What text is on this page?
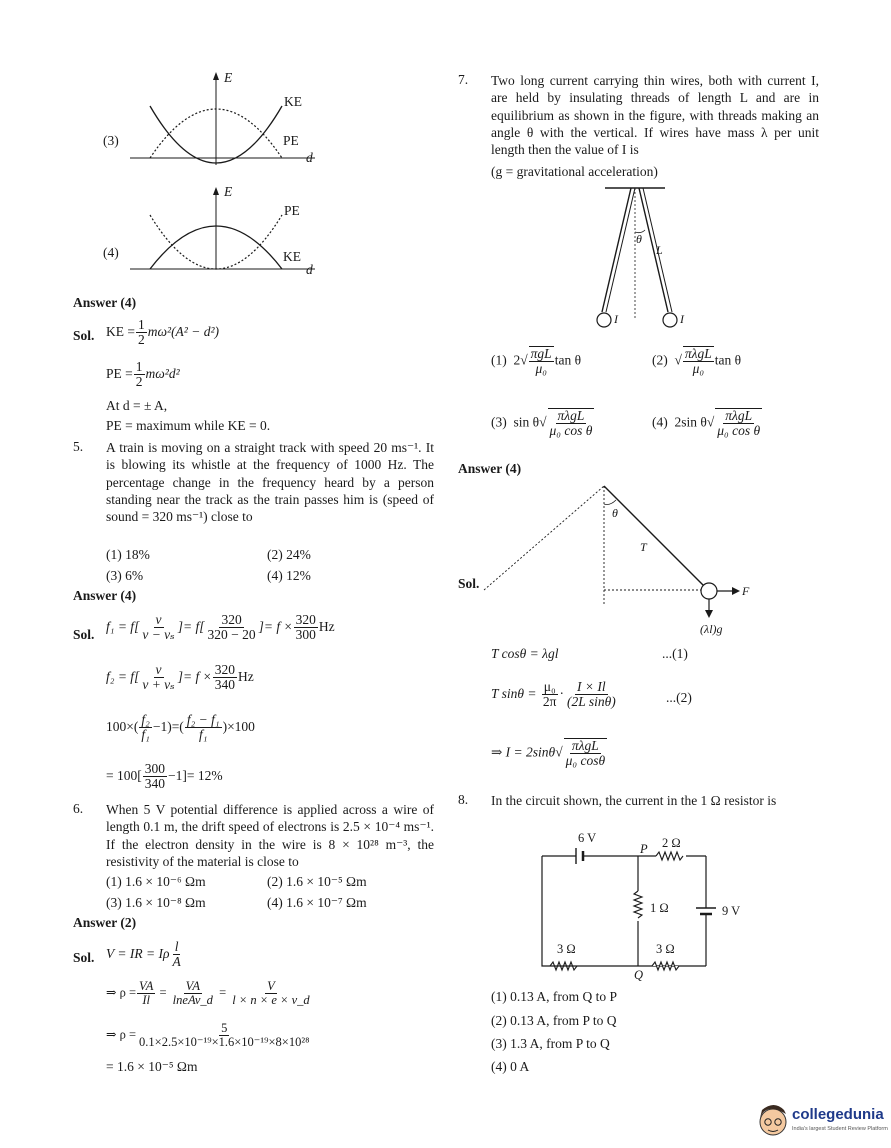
(3)
E
KE
PE
d
(4)
E
PE
KE
d
Answer (4)
Sol. KE = $\frac{1}{2} m\omega^2(A^2 - d^2)$
PE = $\frac{1}{2} m\omega^2d^2$
At d = ± A,
PE = maximum while KE = 0.
5. A train is moving on a straight track with speed 20 ms⁻¹. It is blowing its whistle at the frequency of 1000 Hz. The percentage change in the frequency heard by a person standing near the track as the train passes him is (speed of sound = 320 ms⁻¹) close to
(1) 18%	(2) 24%
(3) 6%	(4) 12%
Answer (4)
Sol.
$f_1 = f[ \frac{v}{\text{v − vₛ}}$ ]= $f[ \frac{320}{320 - 20}$ ]= $f \times \frac{320}{300}$ Hz
$f_2 = f[ \frac{v}{\text{v + vₛ}}$ ]= $f \times \frac{320}{340}$ Hz
$100\times( \frac{\text{f₂}}{\text{f₁}} -1)=( \frac{\text{f₂ − f₁}}{\text{f₁}} )\times 100$
= $100[ \frac{300}{340} -1]= 12\%$
6. When 5 V potential difference is applied across a wire of length 0.1 m, the drift speed of electrons is 2.5 × 10⁻⁴ ms⁻¹. If the electron density in the wire is 8 × 10²⁸ m⁻³, the resistivity of the material is close to
(1) 1.6 × 10⁻⁶ Ωm	(2) 1.6 × 10⁻⁵ Ωm
(3) 1.6 × 10⁻⁸ Ωm	(4) 1.6 × 10⁻⁷ Ωm
Answer (2)
Sol. V = IR = Iρ $\frac{l}{A}$
⇒ $\rho = \frac{VA}{Il} = \frac{VA}{\text{lneAv\_d}} = \frac{V}{l \times n \times e \times v\_d}$
⇒ $\rho = \frac{5}{\text{0.1×2.5×10⁻¹⁹×1.6×10⁻¹⁹×8×10²⁸}}$
= 1.6 × 10⁻⁵ Ωm
7. Two long current carrying thin wires, both with current I, are held by insulating threads of length L and are in equilibrium as shown in the figure, with threads making an angle θ with the vertical. If wires have mass λ per unit length then the value of I is
(g = gravitational acceleration)
θ
L
I	I
(1) $2√ \frac{\text{πgL}}{\text{μ₀}}$ tan θ	(2) √ $\frac{\text{πλgL}}{\text{μ₀}}$ tan θ
(3) $\sin \theta√ \frac{\text{πλgL}}{\text{μ₀ cos θ}}$	(4) 2sin $\theta√ \frac{\text{πλgL}}{\text{μ₀ cos θ}}$
Answer (4)
Sol.
θ
T
F
(λl)g
T cosθ = λgl	...(1)
T $\sin\theta = \frac{\text{μ₀}}{2\pi} \cdot \frac{I \times Il}{\text{(2L sinθ)}}$	...(2)
⇒ $I = 2\sin\theta√ \frac{\text{πλgL}}{\text{μ₀ cosθ}}$
8. In the circuit shown, the current in the 1 Ω resistor is
6 V	2 Ω
P
1 Ω	9 V
3 Ω	3 Ω
Q
(1) 0.13 A, from Q to P
(2) 0.13 A, from P to Q
(3) 1.3 A, from P to Q
(4) 0 A
collegedunia
India's largest Student Review Platform
